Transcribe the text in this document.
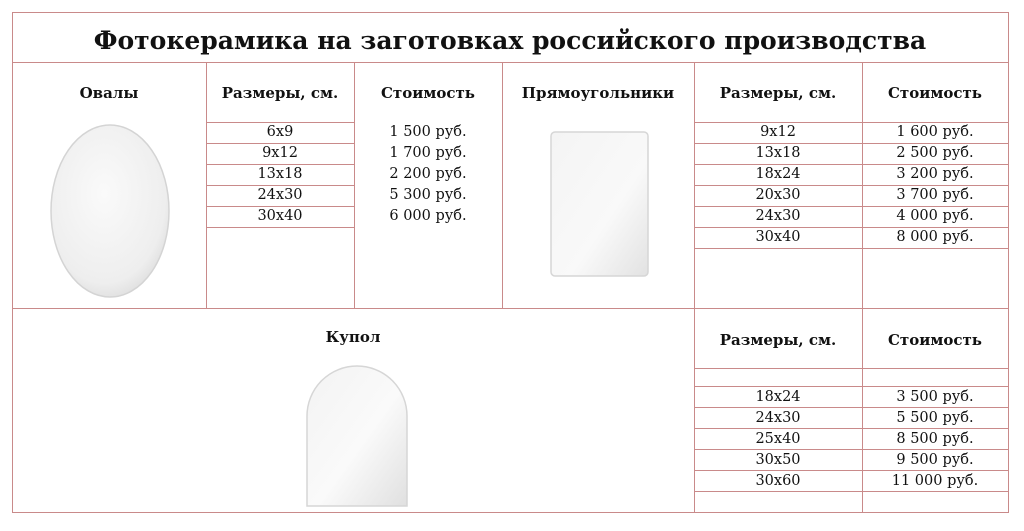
Фотокерамика на заготовках российского производства
Овалы	Размеры, см.	Стоимость
6x9	1 500 руб.
9x12	1 700 руб.
13x18	2 200 руб.
24x30	5 300 руб.
30x40	6 000 руб.
Прямоугольники	Размеры, см.	Стоимость
9x12	1 600 руб.
13x18	2 500 руб.
18x24	3 200 руб.
20x30	3 700 руб.
24x30	4 000 руб.
30x40	8 000 руб.
Купол	Размеры, см.	Стоимость
18x24	3 500 руб.
24x30	5 500 руб.
25x40	8 500 руб.
30x50	9 500 руб.
30x60	11 000 руб.
